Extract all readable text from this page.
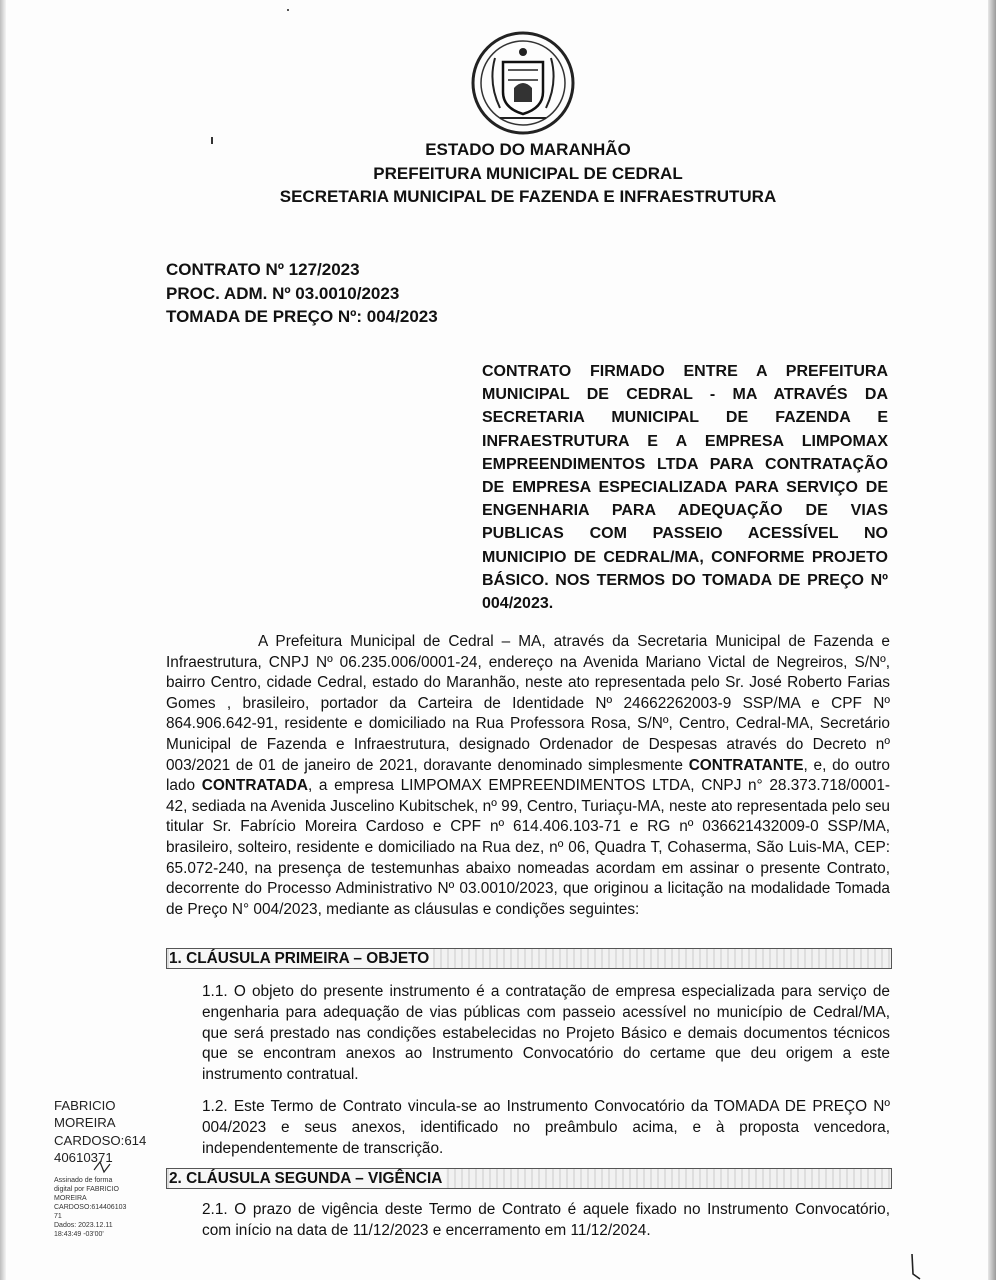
ESTADO DO MARANHÃO
PREFEITURA MUNICIPAL DE CEDRAL
SECRETARIA MUNICIPAL DE FAZENDA E INFRAESTRUTURA
CONTRATO Nº 127/2023
PROC. ADM. Nº 03.0010/2023
TOMADA DE PREÇO Nº: 004/2023
CONTRATO FIRMADO ENTRE A PREFEITURA MUNICIPAL DE CEDRAL - MA ATRAVÉS DA SECRETARIA MUNICIPAL DE FAZENDA E INFRAESTRUTURA E A EMPRESA LIMPOMAX EMPREENDIMENTOS LTDA PARA CONTRATAÇÃO DE EMPRESA ESPECIALIZADA PARA SERVIÇO DE ENGENHARIA PARA ADEQUAÇÃO DE VIAS PUBLICAS COM PASSEIO ACESSÍVEL NO MUNICIPIO DE CEDRAL/MA, CONFORME PROJETO BÁSICO. NOS TERMOS DO TOMADA DE PREÇO Nº 004/2023.
A Prefeitura Municipal de Cedral – MA, através da Secretaria Municipal de Fazenda e Infraestrutura, CNPJ Nº 06.235.006/0001-24, endereço na Avenida Mariano Victal de Negreiros, S/Nº, bairro Centro, cidade Cedral, estado do Maranhão, neste ato representada pelo Sr. José Roberto Farias Gomes , brasileiro, portador da Carteira de Identidade Nº 24662262003-9 SSP/MA e CPF Nº 864.906.642-91, residente e domiciliado na Rua Professora Rosa, S/Nº, Centro, Cedral-MA, Secretário Municipal de Fazenda e Infraestrutura, designado Ordenador de Despesas através do Decreto nº 003/2021 de 01 de janeiro de 2021, doravante denominado simplesmente CONTRATANTE, e, do outro lado CONTRATADA, a empresa LIMPOMAX EMPREENDIMENTOS LTDA, CNPJ n° 28.373.718/0001-42, sediada na Avenida Juscelino Kubitschek, nº 99, Centro, Turiaçu-MA, neste ato representada pelo seu titular Sr. Fabrício Moreira Cardoso e CPF nº 614.406.103-71 e RG nº 036621432009-0 SSP/MA, brasileiro, solteiro, residente e domiciliado na Rua dez, nº 06, Quadra T, Cohaserma, São Luis-MA, CEP: 65.072-240, na presença de testemunhas abaixo nomeadas acordam em assinar o presente Contrato, decorrente do Processo Administrativo Nº 03.0010/2023, que originou a licitação na modalidade Tomada de Preço N° 004/2023, mediante as cláusulas e condições seguintes:
1. CLÁUSULA PRIMEIRA – OBJETO
1.1. O objeto do presente instrumento é a contratação de empresa especializada para serviço de engenharia para adequação de vias públicas com passeio acessível no município de Cedral/MA, que será prestado nas condições estabelecidas no Projeto Básico e demais documentos técnicos que se encontram anexos ao Instrumento Convocatório do certame que deu origem a este instrumento contratual.
1.2. Este Termo de Contrato vincula-se ao Instrumento Convocatório da TOMADA DE PREÇO Nº 004/2023 e seus anexos, identificado no preâmbulo acima, e à proposta vencedora, independentemente de transcrição.
2. CLÁUSULA SEGUNDA – VIGÊNCIA
2.1. O prazo de vigência deste Termo de Contrato é aquele fixado no Instrumento Convocatório, com início na data de 11/12/2023 e encerramento em 11/12/2024.
FABRICIO
MOREIRA
CARDOSO:614
40610371
Assinado de forma
digital por FABRICIO
MOREIRA
CARDOSO:614406103
71
Dados: 2023.12.11
18:43:49 -03'00'
